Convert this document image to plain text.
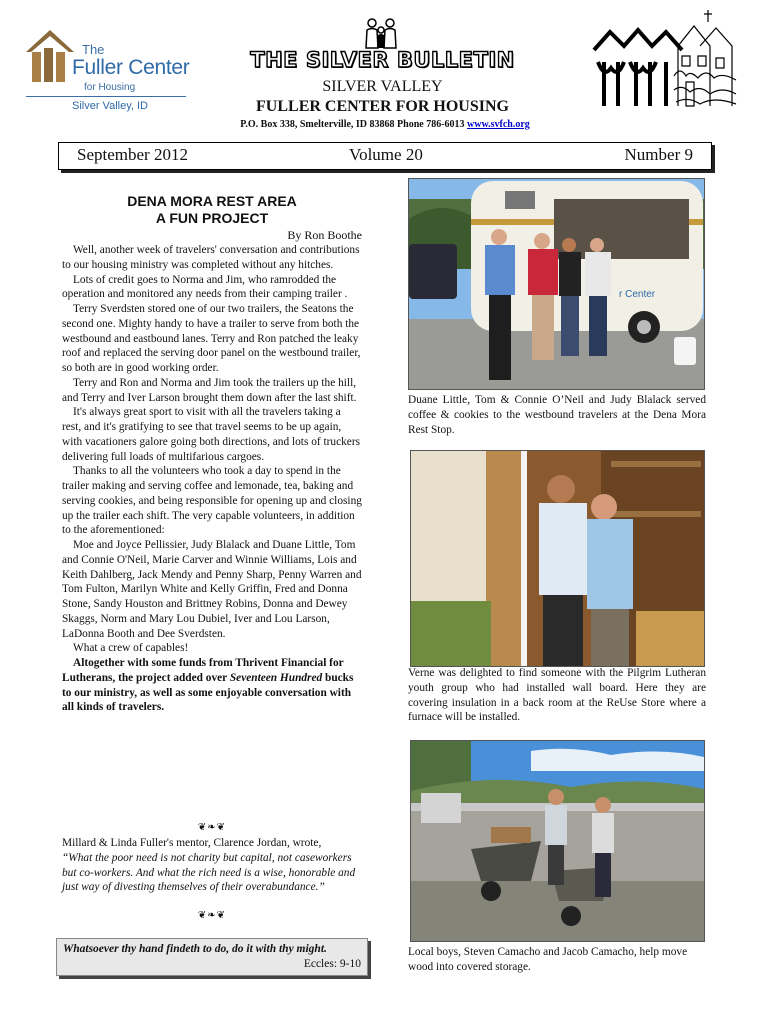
The
Fuller Center
for Housing
Silver Valley, ID
THE SILVER BULLETIN
SILVER VALLEY
FULLER CENTER FOR HOUSING
P.O. Box 338, Smelterville, ID 83868 Phone 786-6013 www.svfch.org
September 2012	Volume 20	Number 9
DENA MORA REST AREA
A FUN PROJECT
By Ron Boothe

Well, another week of travelers' conversation and contributions to our housing ministry was completed without any hitches.

Lots of credit goes to Norma and Jim, who ramrodded the operation and monitored any needs from their camping trailer .

Terry Sverdsten stored one of our two trailers, the Seatons the second one. Mighty handy to have a trailer to serve from both the westbound and eastbound lanes. Terry and Ron patched the leaky roof and replaced the serving door panel on the westbound trailer, so both are in good working order.

Terry and Ron and Norma and Jim took the trailers up the hill, and Terry and Iver Larson brought them down after the last shift.

It's always great sport to visit with all the travelers taking a rest, and it's gratifying to see that travel seems to be up again, with vacationers galore going both directions, and lots of truckers delivering full loads of multifarious cargoes.

Thanks to all the volunteers who took a day to spend in the trailer making and serving coffee and lemonade, tea, baking and serving cookies, and being responsible for opening up and closing up the trailer each shift. The very capable volunteers, in addition to the aforementioned:

Moe and Joyce Pellissier, Judy Blalack and Duane Little, Tom and Connie O'Neil, Marie Carver and Winnie Williams, Lois and Keith Dahlberg, Jack Mendy and Penny Sharp, Penny Warren and Tom Fulton, Marilyn White and Kelly Griffin, Fred and Donna Stone, Sandy Houston and Brittney Robins, Donna and Dewey Skaggs, Norm and Mary Lou Dubiel, Iver and Lou Larson, LaDonna Booth and Dee Sverdsten.

What a crew of capables!

Altogether with some funds from Thrivent Financial for Lutherans, the project added over Seventeen Hundred bucks to our ministry, as well as some enjoyable conversation with all kinds of travelers.

❦❧❦
Millard & Linda Fuller's mentor, Clarence Jordan, wrote,
“What the poor need is not charity but capital, not caseworkers but co-workers. And what the rich need is a wise, honorable and just way of divesting themselves of their overabundance.”
❦❧❦
Whatsoever thy hand findeth to do, do it with thy might.
Eccles: 9-10
r Center
Duane Little, Tom & Connie O’Neil and Judy Blalack served coffee & cookies to the westbound travelers at the Dena Mora Rest Stop.
Verne was delighted to find someone with the Pilgrim Lutheran youth group who had installed wall board. Here they are covering insulation in a back room at the ReUse Store where a furnace will be installed.
Local boys, Steven Camacho and Jacob Camacho, help move wood into covered storage.
